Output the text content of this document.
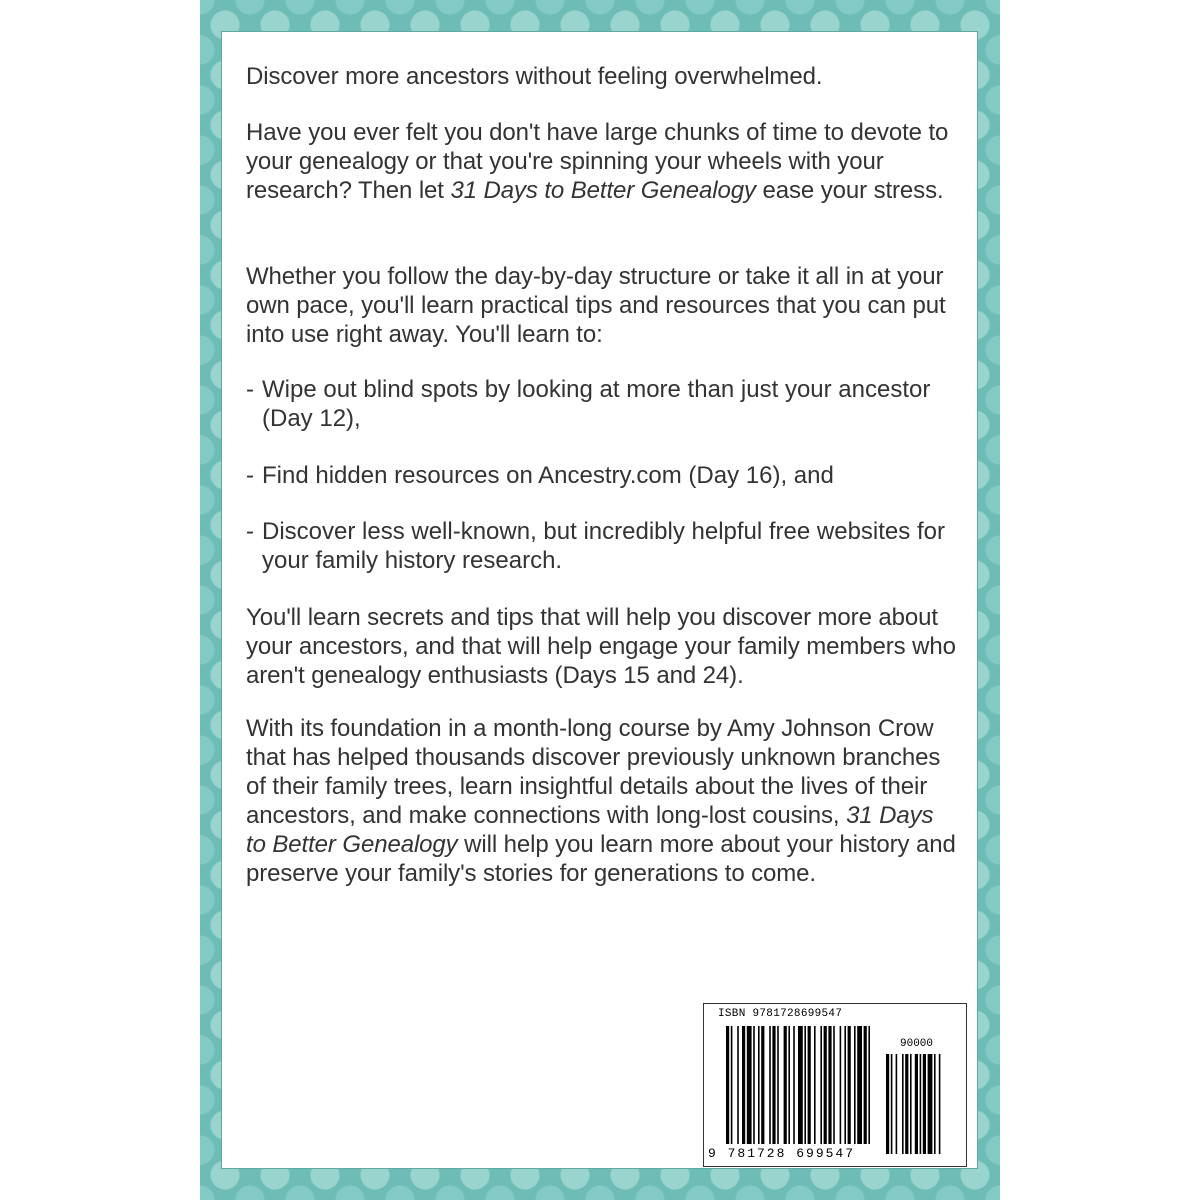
Discover more ancestors without feeling overwhelmed.

Have you ever felt you don't have large chunks of time to devote to your genealogy or that you're spinning your wheels with your research? Then let 31 Days to Better Genealogy ease your stress.

Whether you follow the day-by-day structure or take it all in at your own pace, you'll learn practical tips and resources that you can put into use right away. You'll learn to:

- Wipe out blind spots by looking at more than just your ancestor (Day 12),
- Find hidden resources on Ancestry.com (Day 16), and
- Discover less well-known, but incredibly helpful free websites for your family history research.

You'll learn secrets and tips that will help you discover more about your ancestors, and that will help engage your family members who aren't genealogy enthusiasts (Days 15 and 24).

With its foundation in a month-long course by Amy Johnson Crow that has helped thousands discover previously unknown branches of their family trees, learn insightful details about the lives of their ancestors, and make connections with long-lost cousins, 31 Days to Better Genealogy will help you learn more about your history and preserve your family's stories for generations to come.

ISBN 9781728699547
90000
9 781728 699547
